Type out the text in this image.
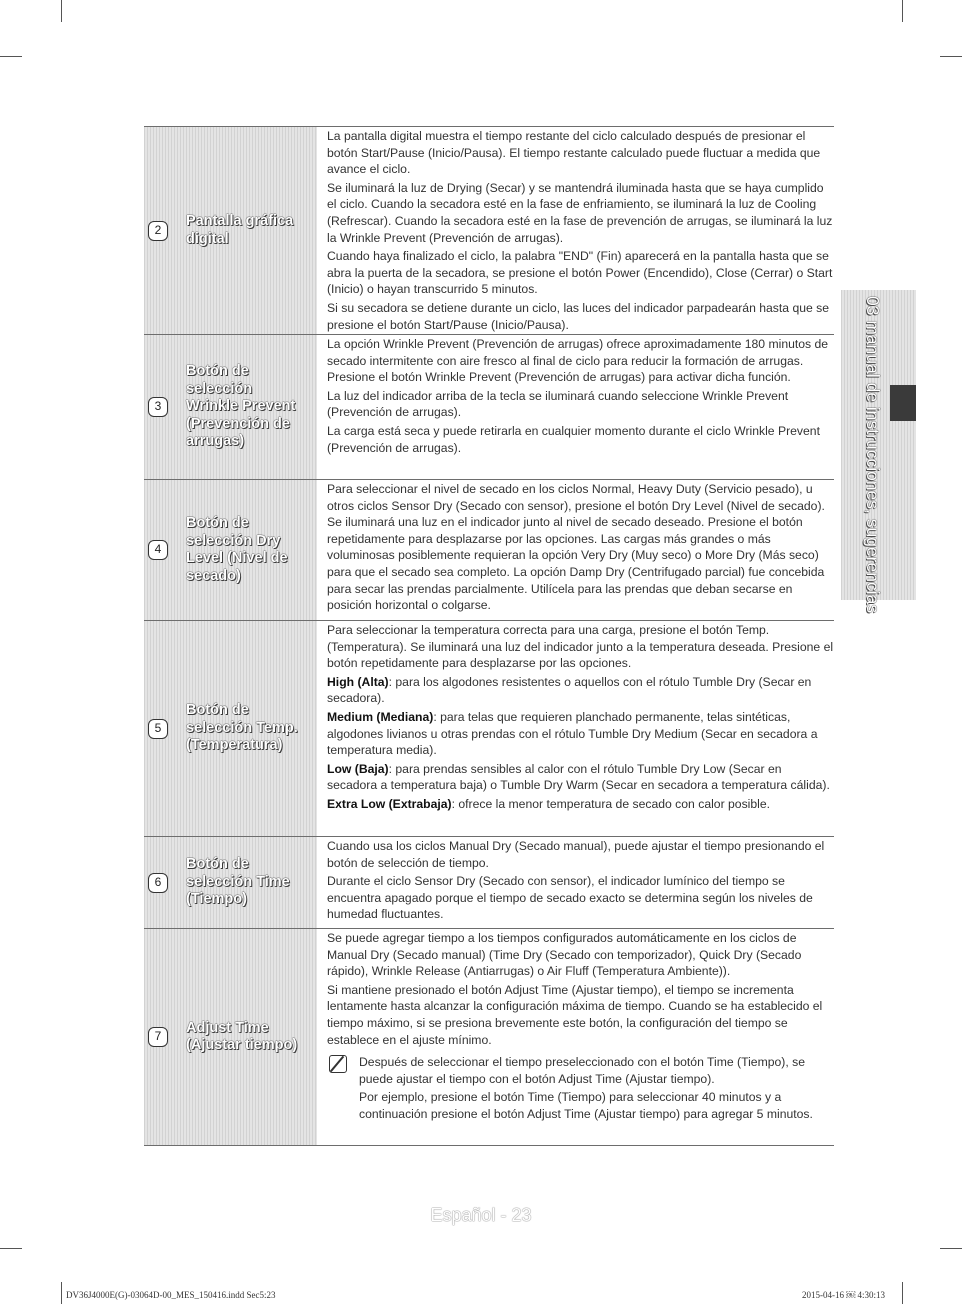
2
Pantalla gráfica digital

La pantalla digital muestra el tiempo restante del ciclo calculado después de presionar el botón Start/Pause (Inicio/Pausa). El tiempo restante calculado puede fluctuar a medida que avance el ciclo.

Se iluminará la luz de Drying (Secar) y se mantendrá iluminada hasta que se haya cumplido el ciclo. Cuando la secadora esté en la fase de enfriamiento, se iluminará la luz de Cooling (Refrescar). Cuando la secadora esté en la fase de prevención de arrugas, se iluminará la luz la Wrinkle Prevent (Prevención de arrugas).

Cuando haya finalizado el ciclo, la palabra "END" (Fin) aparecerá en la pantalla hasta que se abra la puerta de la secadora, se presione el botón Power (Encendido), Close (Cerrar) o Start (Inicio) o hayan transcurrido 5 minutos.

Si su secadora se detiene durante un ciclo, las luces del indicador parpadearán hasta que se presione el botón Start/Pause (Inicio/Pausa).

3
Botón de selección Wrinkle Prevent (Prevención de arrugas)

La opción Wrinkle Prevent (Prevención de arrugas) ofrece aproximadamente 180 minutos de secado intermitente con aire fresco al final de ciclo para reducir la formación de arrugas. Presione el botón Wrinkle Prevent (Prevención de arrugas) para activar dicha función.

La luz del indicador arriba de la tecla se iluminará cuando seleccione Wrinkle Prevent (Prevención de arrugas).

La carga está seca y puede retirarla en cualquier momento durante el ciclo Wrinkle Prevent (Prevención de arrugas).

4
Botón de selección Dry Level (Nivel de secado)

Para seleccionar el nivel de secado en los ciclos Normal, Heavy Duty (Servicio pesado), u otros ciclos Sensor Dry (Secado con sensor), presione el botón Dry Level (Nivel de secado). Se iluminará una luz en el indicador junto al nivel de secado deseado. Presione el botón repetidamente para desplazarse por las opciones. Las cargas más grandes o más voluminosas posiblemente requieran la opción Very Dry (Muy seco) o More Dry (Más seco) para que el secado sea completo. La opción Damp Dry (Centrifugado parcial) fue concebida para secar las prendas parcialmente. Utilícela para las prendas que deban secarse en posición horizontal o colgarse.

5
Botón de selección Temp. (Temperatura)

Para seleccionar la temperatura correcta para una carga, presione el botón Temp. (Temperatura). Se iluminará una luz del indicador junto a la temperatura deseada. Presione el botón repetidamente para desplazarse por las opciones.

High (Alta): para los algodones resistentes o aquellos con el rótulo Tumble Dry (Secar en secadora).

Medium (Mediana): para telas que requieren planchado permanente, telas sintéticas, algodones livianos u otras prendas con el rótulo Tumble Dry Medium (Secar en secadora a temperatura media).

Low (Baja): para prendas sensibles al calor con el rótulo Tumble Dry Low (Secar en secadora a temperatura baja) o Tumble Dry Warm (Secar en secadora a temperatura cálida).

Extra Low (Extrabaja): ofrece la menor temperatura de secado con calor posible.

6
Botón de selección Time (Tiempo)

Cuando usa los ciclos Manual Dry (Secado manual), puede ajustar el tiempo presionando el botón de selección de tiempo.

Durante el ciclo Sensor Dry (Secado con sensor), el indicador lumínico del tiempo se encuentra apagado porque el tiempo de secado exacto se determina según los niveles de humedad fluctuantes.

7
Adjust Time (Ajustar tiempo)

Se puede agregar tiempo a los tiempos configurados automáticamente en los ciclos de Manual Dry (Secado manual) (Time Dry (Secado con temporizador), Quick Dry (Secado rápido), Wrinkle Release (Antiarrugas) o Air Fluff (Temperatura Ambiente)).

Si mantiene presionado el botón Adjust Time (Ajustar tiempo), el tiempo se incrementa lentamente hasta alcanzar la configuración máxima de tiempo. Cuando se ha establecido el tiempo máximo, si se presiona brevemente este botón, la configuración del tiempo se establece en el ajuste mínimo.

Después de seleccionar el tiempo preseleccionado con el botón Time (Tiempo), se puede ajustar el tiempo con el botón Adjust Time (Ajustar tiempo).

Por ejemplo, presione el botón Time (Tiempo) para seleccionar 40 minutos y a continuación presione el botón Adjust Time (Ajustar tiempo) para agregar 5 minutos.

03 manual de instrucciones, sugerencias
Español - 23
DV36J4000E(G)-03064D-00_MES_150416.indd Sec5:23	2015-04-16 ￼ 4:30:13
